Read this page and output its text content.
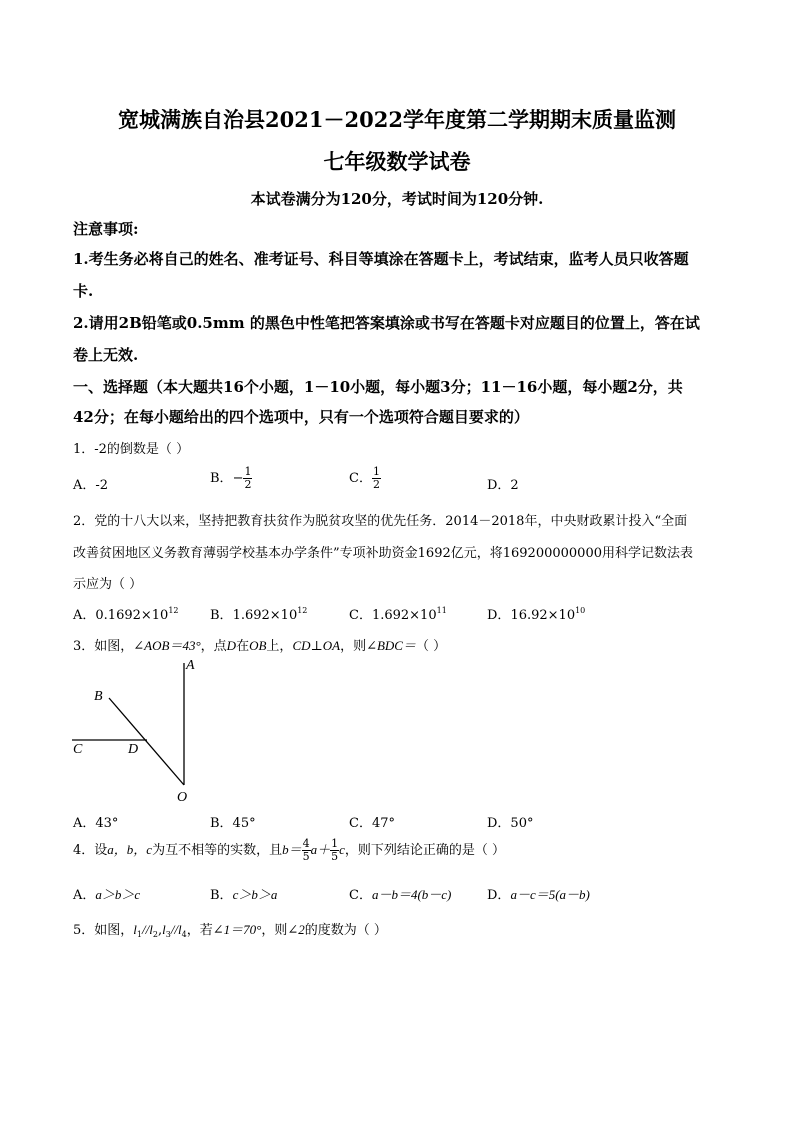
宽城满族自治县2021－2022学年度第二学期期末质量监测
七年级数学试卷
本试卷满分为120分，考试时间为120分钟.
注意事项:
1.考生务必将自己的姓名、准考证号、科目等填涂在答题卡上，考试结束，监考人员只收答题
卡.
2.请用2B铅笔或0.5mm 的黑色中性笔把答案填涂或书写在答题卡对应题目的位置上，答在试
卷上无效.
一、选择题（本大题共16个小题，1－10小题，每小题3分；11－16小题，每小题2分，共
42分；在每小题给出的四个选项中，只有一个选项符合题目要求的）
1．-2的倒数是（ ）
A．-2	B．− $\frac{1}{2}$	C． $\frac{1}{2}$	D．2
2．党的十八大以来，坚持把教育扶贫作为脱贫攻坚的优先任务．2014－2018年，中央财政累计投入“全面
改善贫困地区义务教育薄弱学校基本办学条件”专项补助资金1692亿元，将169200000000用科学记数法表
示应为（ ）
A．$0.1692\times 10^{12}$ B．$1.692\times 10^{12}$	C．$1.692\times 10^{11}$	D．$16.92\times 10^{10}$
3．如图，∠AOB＝43°，点D在OB上，CD⊥OA，则∠BDC＝（ ）
A
B
C	D
O
A．43°	B．45°	C．47°	D．50°
4．设a，b，c为互不相等的实数，且$b= \frac{4}{5} a+ \frac{1}{5}$ c，则下列结论正确的是（ ）
A．a＞b＞c	B．c＞b＞a	C．a－b＝4(b－c)	D．a－c＝5(a－b)
5．如图，$l_1//l_2,l_3//l_4$，若∠1＝70°，则∠2的度数为（ ）
